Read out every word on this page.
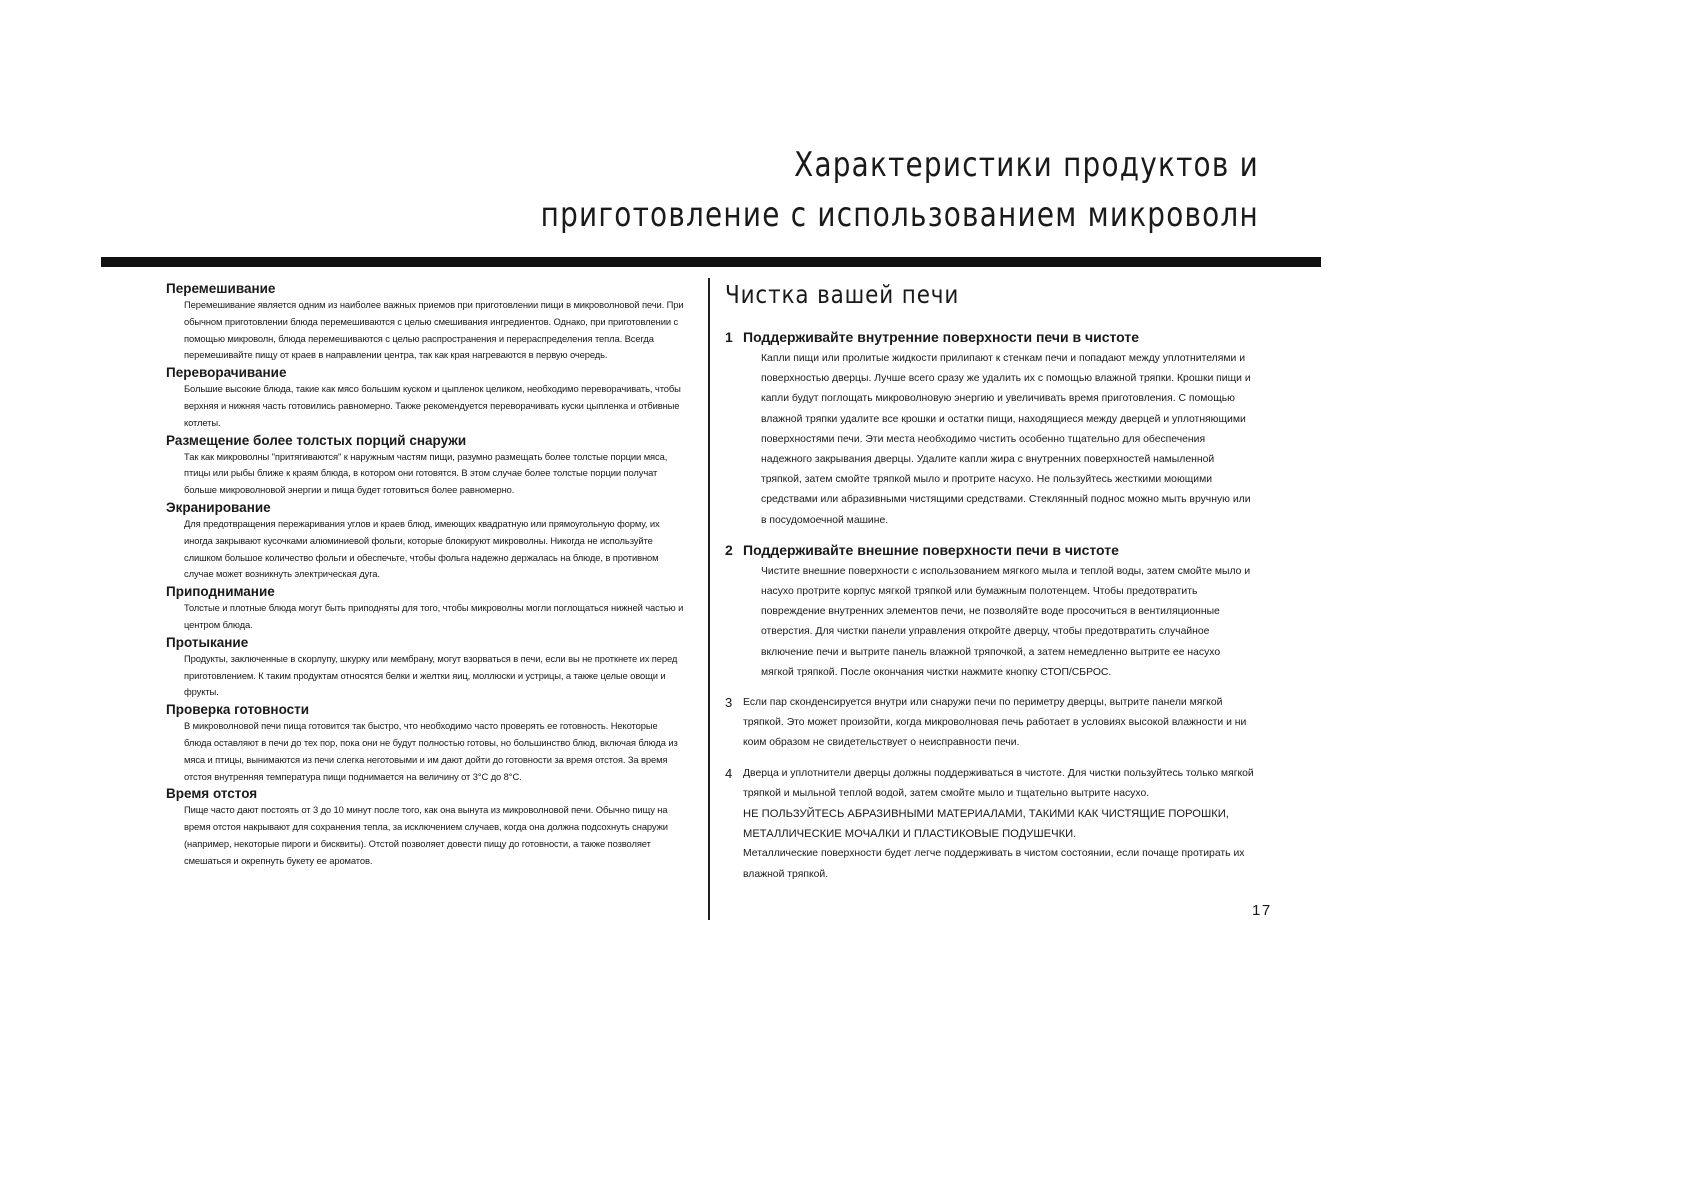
Характеристики продуктов и
приготовление с использованием микроволн
Перемешивание

Перемешивание является одним из наиболее важных приемов при приготовлении пищи в микроволновой печи. При обычном приготовлении блюда перемешиваются с целью смешивания ингредиентов. Однако, при приготовлении с помощью микроволн, блюда перемешиваются с целью распространения и перераспределения тепла. Всегда перемешивайте пищу от краев в направлении центра, так как края нагреваются в первую очередь.

Переворачивание

Большие высокие блюда, такие как мясо большим куском и цыпленок целиком, необходимо переворачивать, чтобы верхняя и нижняя часть готовились равномерно. Также рекомендуется переворачивать куски цыпленка и отбивные котлеты.

Размещение более толстых порций снаружи

Так как микроволны "притягиваются" к наружным частям пищи, разумно размещать более толстые порции мяса, птицы или рыбы ближе к краям блюда, в котором они готовятся. В этом случае более толстые порции получат больше микроволновой энергии и пища будет готовиться более равномерно.

Экранирование

Для предотвращения пережаривания углов и краев блюд, имеющих квадратную или прямоугольную форму, их иногда закрывают кусочками алюминиевой фольги, которые блокируют микроволны. Никогда не используйте слишком большое количество фольги и обеспечьте, чтобы фольга надежно держалась на блюде, в противном случае может возникнуть электрическая дуга.

Приподнимание

Толстые и плотные блюда могут быть приподняты для того, чтобы микроволны могли поглощаться нижней частью и центром блюда.

Протыкание

Продукты, заключенные в скорлупу, шкурку или мембрану, могут взорваться в печи, если вы не проткнете их перед приготовлением. К таким продуктам относятся белки и желтки яиц, моллюски и устрицы, а также целые овощи и фрукты.

Проверка готовности

В микроволновой печи пища готовится так быстро, что необходимо часто проверять ее готовность. Некоторые блюда оставляют в печи до тех пор, пока они не будут полностью готовы, но большинство блюд, включая блюда из мяса и птицы, вынимаются из печи слегка неготовыми и им дают дойти до готовности за время отстоя. За время отстоя внутренняя температура пищи поднимается на величину от 3°C до 8°C.

Время отстоя

Пище часто дают постоять от 3 до 10 минут после того, как она вынута из микроволновой печи. Обычно пищу на время отстоя накрывают для сохранения тепла, за исключением случаев, когда она должна подсохнуть снаружи (например, некоторые пироги и бисквиты). Отстой позволяет довести пищу до готовности, а также позволяет смешаться и окрепнуть букету ее ароматов.

Чистка вашей печи
1 Поддерживайте внутренние поверхности печи в чистоте

Капли пищи или пролитые жидкости прилипают к стенкам печи и попадают между уплотнителями и поверхностью дверцы. Лучше всего сразу же удалить их с помощью влажной тряпки. Крошки пищи и капли будут поглощать микроволновую энергию и увеличивать время приготовления. С помощью влажной тряпки удалите все крошки и остатки пищи, находящиеся между дверцей и уплотняющими поверхностями печи. Эти места необходимо чистить особенно тщательно для обеспечения надежного закрывания дверцы. Удалите капли жира с внутренних поверхностей намыленной тряпкой, затем смойте тряпкой мыло и протрите насухо. Не пользуйтесь жесткими моющими средствами или абразивными чистящими средствами. Стеклянный поднос можно мыть вручную или в посудомоечной машине.

2 Поддерживайте внешние поверхности печи в чистоте

Чистите внешние поверхности с использованием мягкого мыла и теплой воды, затем смойте мыло и насухо протрите корпус мягкой тряпкой или бумажным полотенцем. Чтобы предотвратить повреждение внутренних элементов печи, не позволяйте воде просочиться в вентиляционные отверстия. Для чистки панели управления откройте дверцу, чтобы предотвратить случайное включение печи и вытрите панель влажной тряпочкой, а затем немедленно вытрите ее насухо мягкой тряпкой. После окончания чистки нажмите кнопку СТОП/СБРОС.

3 Если пар сконденсируется внутри или снаружи печи по периметру дверцы, вытрите панели мягкой тряпкой. Это может произойти, когда микроволновая печь работает в условиях высокой влажности и ни коим образом не свидетельствует о неисправности печи.

4 Дверца и уплотнители дверцы должны поддерживаться в чистоте. Для чистки пользуйтесь только мягкой тряпкой и мыльной теплой водой, затем смойте мыло и тщательно вытрите насухо.

НЕ ПОЛЬЗУЙТЕСЬ АБРАЗИВНЫМИ МАТЕРИАЛАМИ, ТАКИМИ КАК ЧИСТЯЩИЕ ПОРОШКИ, МЕТАЛЛИЧЕСКИЕ МОЧАЛКИ И ПЛАСТИКОВЫЕ ПОДУШЕЧКИ.

Металлические поверхности будет легче поддерживать в чистом состоянии, если почаще протирать их влажной тряпкой.

17
